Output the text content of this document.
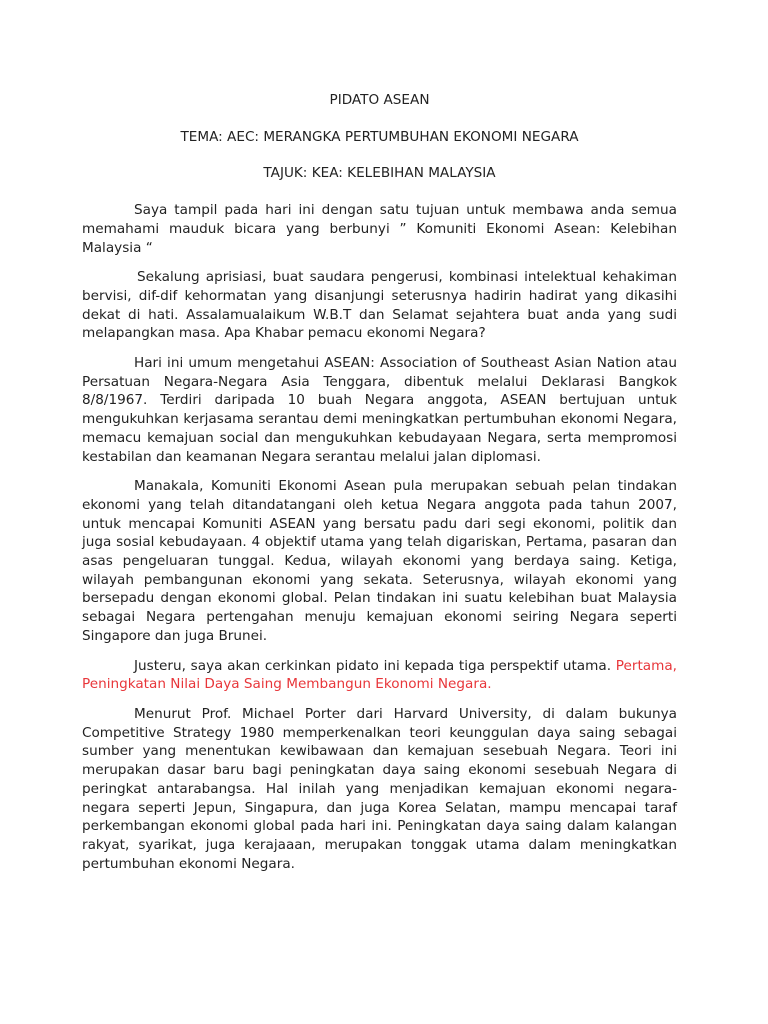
PIDATO ASEAN
TEMA: AEC: MERANGKA PERTUMBUHAN EKONOMI NEGARA
TAJUK: KEA: KELEBIHAN MALAYSIA
Saya tampil pada hari ini dengan satu tujuan untuk membawa anda semua memahami mauduk bicara yang berbunyi ” Komuniti Ekonomi Asean: Kelebihan Malaysia “
Sekalung aprisiasi, buat saudara pengerusi, kombinasi intelektual kehakiman bervisi, dif-dif kehormatan yang disanjungi seterusnya hadirin hadirat yang dikasihi dekat di hati. Assalamualaikum W.B.T dan Selamat sejahtera buat anda yang sudi melapangkan masa. Apa Khabar pemacu ekonomi Negara?
Hari ini umum mengetahui ASEAN: Association of Southeast Asian Nation atau Persatuan Negara-Negara Asia Tenggara, dibentuk melalui Deklarasi Bangkok 8/8/1967. Terdiri daripada 10 buah Negara anggota, ASEAN bertujuan untuk mengukuhkan kerjasama serantau demi meningkatkan pertumbuhan ekonomi Negara, memacu kemajuan social dan mengukuhkan kebudayaan Negara, serta mempromosi kestabilan dan keamanan Negara serantau melalui jalan diplomasi.
Manakala, Komuniti Ekonomi Asean pula merupakan sebuah pelan tindakan ekonomi yang telah ditandatangani oleh ketua Negara anggota pada tahun 2007, untuk mencapai Komuniti ASEAN yang bersatu padu dari segi ekonomi, politik dan juga sosial kebudayaan. 4 objektif utama yang telah digariskan, Pertama, pasaran dan asas pengeluaran tunggal. Kedua, wilayah ekonomi yang berdaya saing. Ketiga, wilayah pembangunan ekonomi yang sekata. Seterusnya, wilayah ekonomi yang bersepadu dengan ekonomi global. Pelan tindakan ini suatu kelebihan buat Malaysia sebagai Negara pertengahan menuju kemajuan ekonomi seiring Negara seperti Singapore dan juga Brunei.
Justeru, saya akan cerkinkan pidato ini kepada tiga perspektif utama. Pertama, Peningkatan Nilai Daya Saing Membangun Ekonomi Negara.
Menurut Prof. Michael Porter dari Harvard University, di dalam bukunya Competitive Strategy 1980 memperkenalkan teori keunggulan daya saing sebagai sumber yang menentukan kewibawaan dan kemajuan sesebuah Negara. Teori ini merupakan dasar baru bagi peningkatan daya saing ekonomi sesebuah Negara di peringkat antarabangsa. Hal inilah yang menjadikan kemajuan ekonomi negara-negara seperti Jepun, Singapura, dan juga Korea Selatan, mampu mencapai taraf perkembangan ekonomi global pada hari ini. Peningkatan daya saing dalam kalangan rakyat, syarikat, juga kerajaaan, merupakan tonggak utama dalam meningkatkan pertumbuhan ekonomi Negara.
